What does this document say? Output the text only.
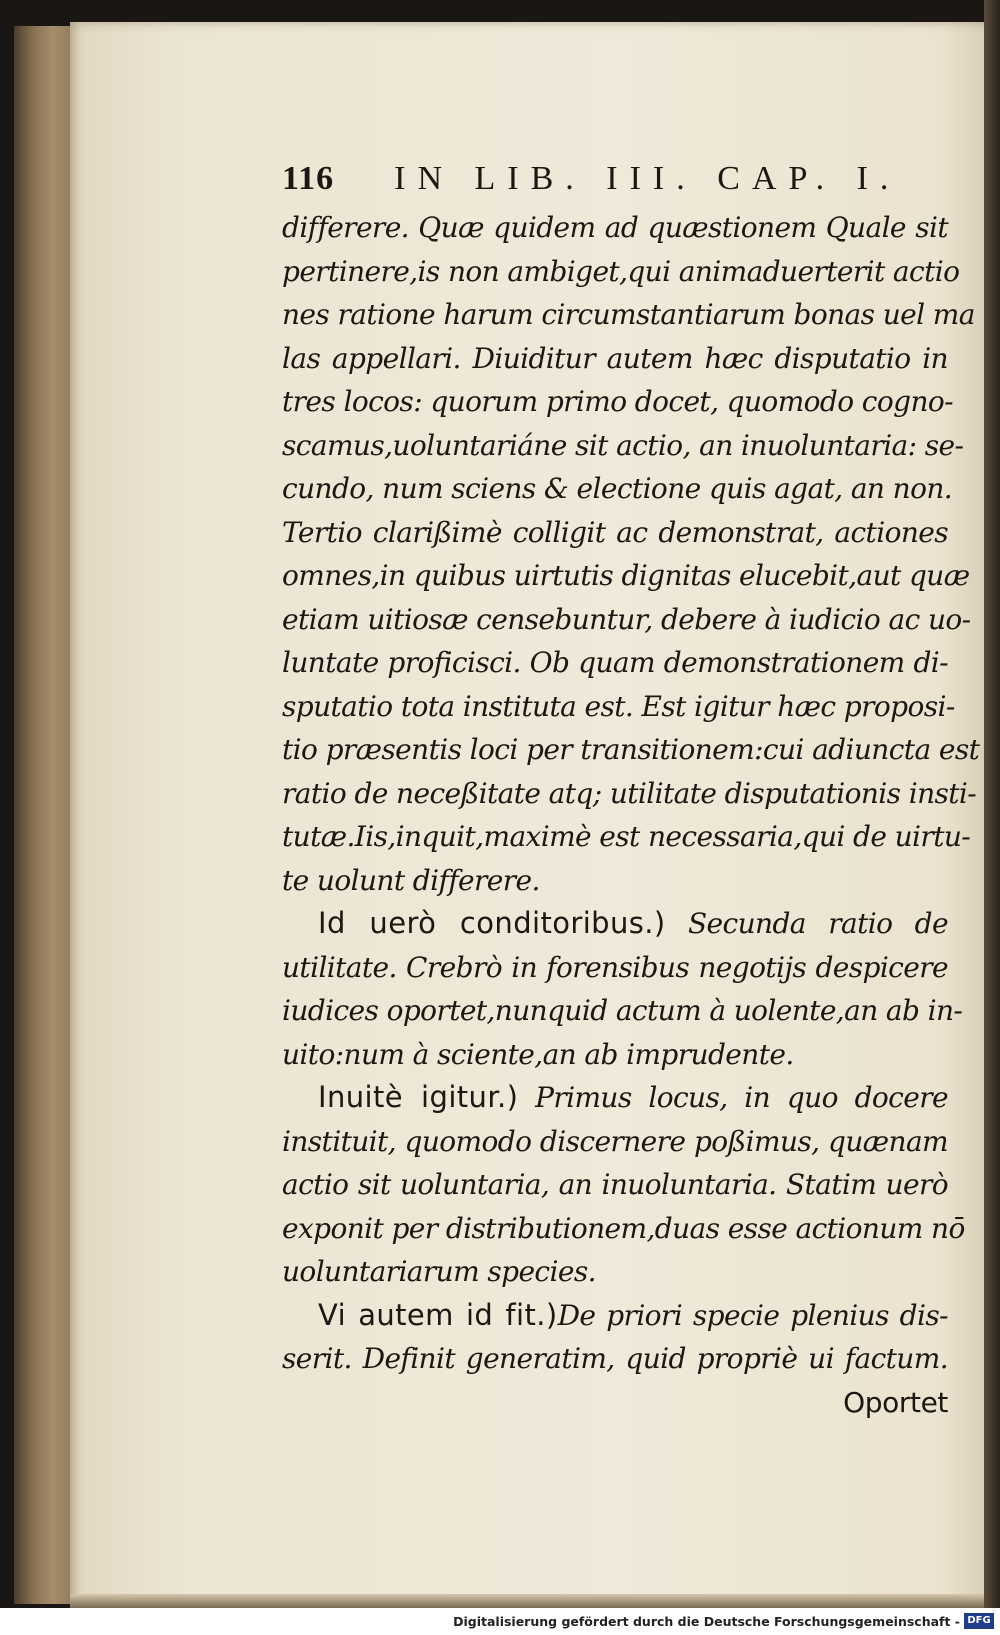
116 IN LIB. III. CAP. I.
differere. Quæ quidem ad quæstionem Quale sit
pertinere,is non ambiget,qui animaduerterit actio
nes ratione harum circumstantiarum bonas uel ma
las appellari. Diuiditur autem hæc disputatio in
tres locos: quorum primo docet, quomodo cogno-
scamus,uoluntariáne sit actio, an inuoluntaria: se-
cundo, num sciens & electione quis agat, an non.
Tertio clarißimè colligit ac demonstrat, actiones
omnes,in quibus uirtutis dignitas elucebit,aut quæ
etiam uitiosæ censebuntur, debere à iudicio ac uo-
luntate proficisci. Ob quam demonstrationem di-
sputatio tota instituta est. Est igitur hæc proposi-
tio præsentis loci per transitionem:cui adiuncta est
ratio de neceßitate atq; utilitate disputationis insti-
tutæ.Iis,inquit,maximè est necessaria,qui de uirtu-
te uolunt differere.
Id uerò conditoribus.) Secunda ratio de
utilitate. Crebrò in forensibus negotijs despicere
iudices oportet,nunquid actum à uolente,an ab in-
uito:num à sciente,an ab imprudente.
Inuitè igitur.) Primus locus, in quo docere
instituit, quomodo discernere poßimus, quænam
actio sit uoluntaria, an inuoluntaria. Statim uerò
exponit per distributionem,duas esse actionum nō
uoluntariarum species.
Vi autem id fit.)De priori specie plenius dis-
serit. Definit generatim, quid propriè ui factum.
Oportet
Digitalisierung gefördert durch die Deutsche Forschungsgemeinschaft - DFG
